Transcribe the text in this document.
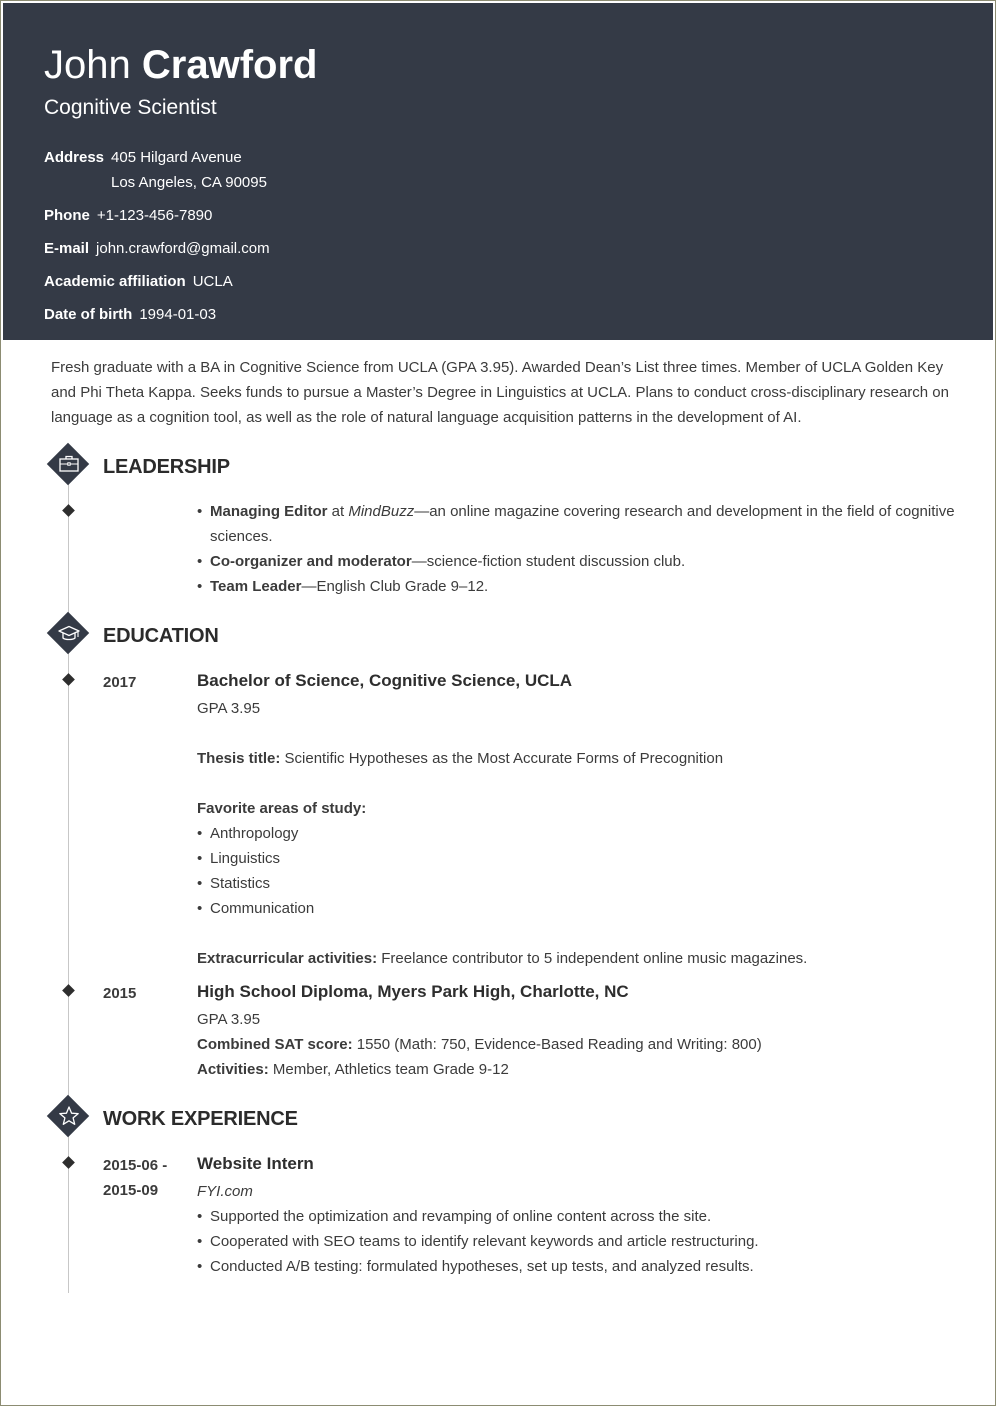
John Crawford
Cognitive Scientist
Address 405 Hilgard Avenue
Los Angeles, CA 90095
Phone +1-123-456-7890
E-mail john.crawford@gmail.com
Academic affiliation UCLA
Date of birth 1994-01-03
Fresh graduate with a BA in Cognitive Science from UCLA (GPA 3.95). Awarded Dean’s List three times. Member of UCLA Golden Key and Phi Theta Kappa. Seeks funds to pursue a Master’s Degree in Linguistics at UCLA. Plans to conduct cross-disciplinary research on language as a cognition tool, as well as the role of natural language acquisition patterns in the development of AI.
LEADERSHIP
• Managing Editor at MindBuzz—an online magazine covering research and development in the field of cognitive sciences.
• Co-organizer and moderator—science-fiction student discussion club.
• Team Leader—English Club Grade 9–12.
EDUCATION
2017	Bachelor of Science, Cognitive Science, UCLA
GPA 3.95
Thesis title: Scientific Hypotheses as the Most Accurate Forms of Precognition
Favorite areas of study:
• Anthropology
• Linguistics
• Statistics
• Communication
Extracurricular activities: Freelance contributor to 5 independent online music magazines.
2015	High School Diploma, Myers Park High, Charlotte, NC
GPA 3.95
Combined SAT score: 1550 (Math: 750, Evidence-Based Reading and Writing: 800)
Activities: Member, Athletics team Grade 9-12
WORK EXPERIENCE
2015-06 -
2015-09
Website Intern
FYI.com
• Supported the optimization and revamping of online content across the site.
• Cooperated with SEO teams to identify relevant keywords and article restructuring.
• Conducted A/B testing: formulated hypotheses, set up tests, and analyzed results.
